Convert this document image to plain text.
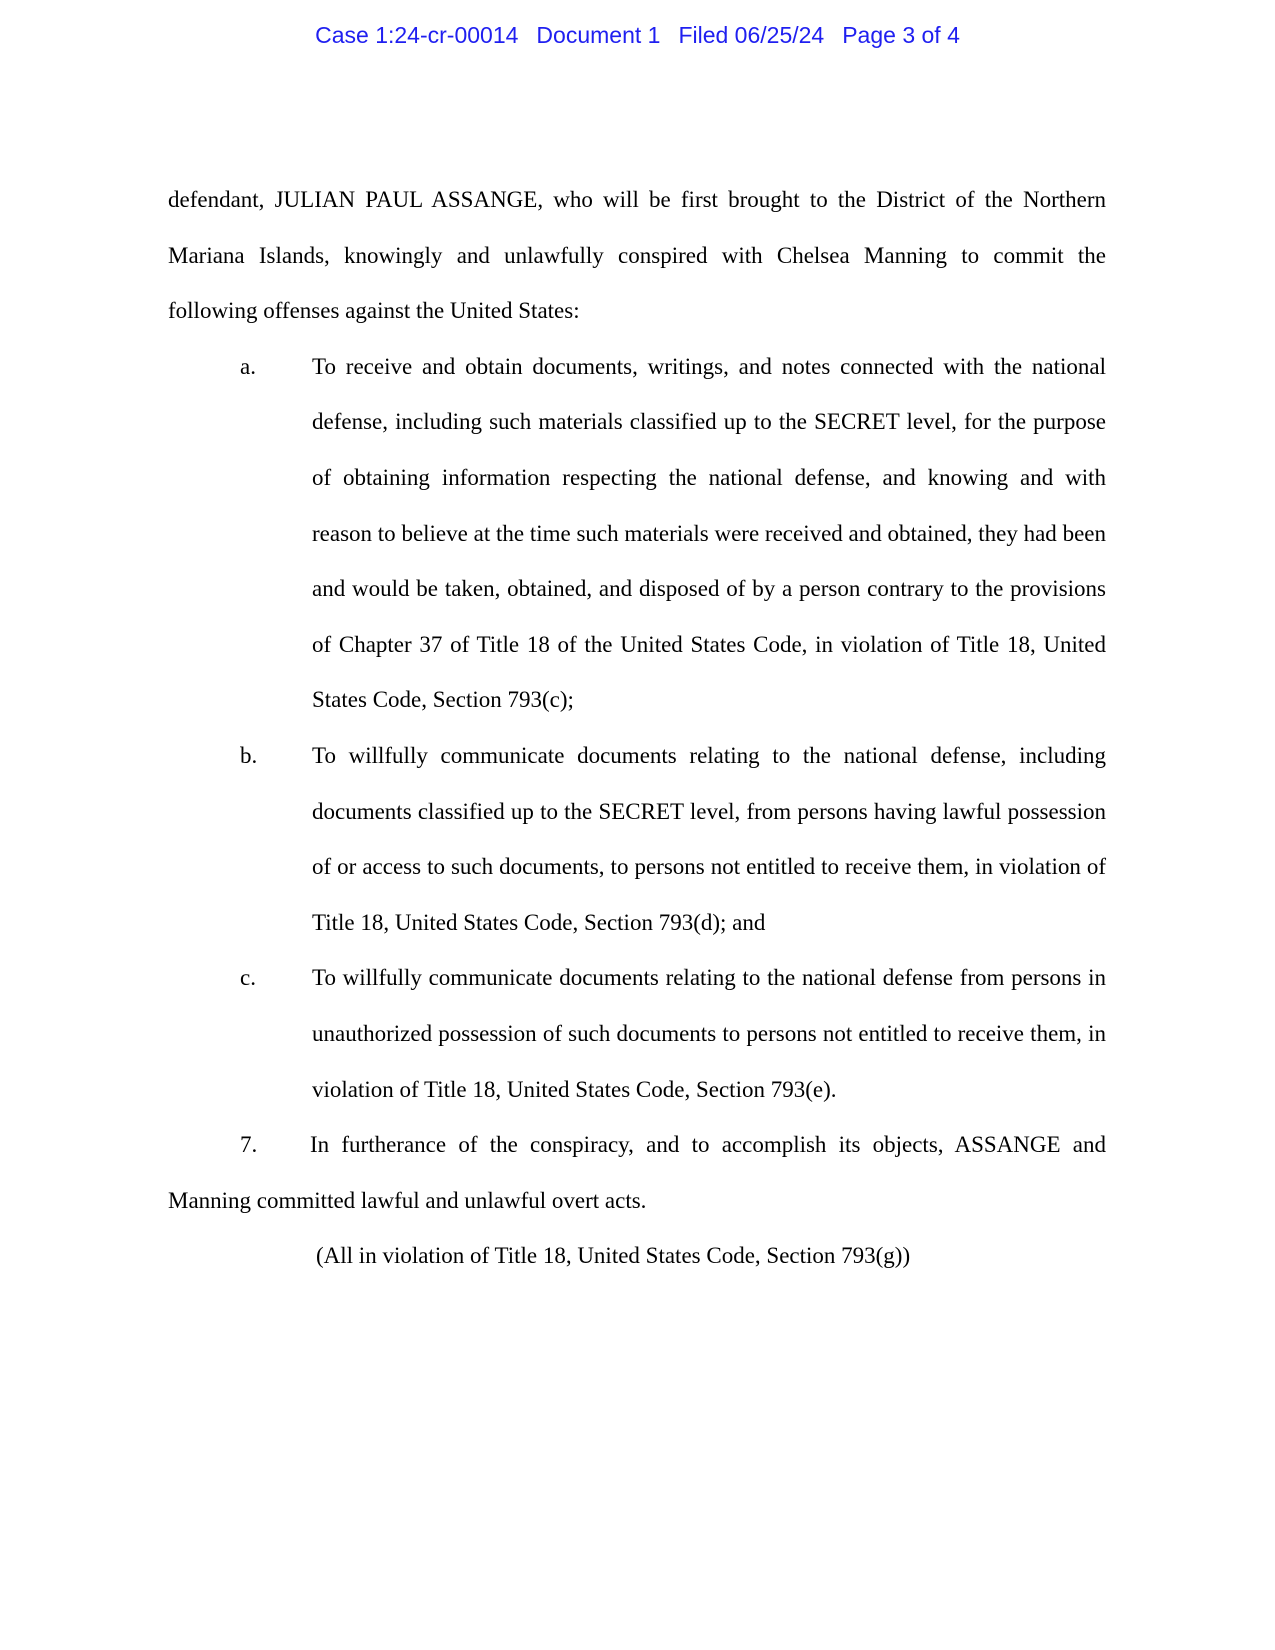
Case 1:24-cr-00014 Document 1 Filed 06/25/24 Page 3 of 4

defendant, JULIAN PAUL ASSANGE, who will be first brought to the District of the Northern Mariana Islands, knowingly and unlawfully conspired with Chelsea Manning to commit the following offenses against the United States:

a.	To receive and obtain documents, writings, and notes connected with the national defense, including such materials classified up to the SECRET level, for the purpose of obtaining information respecting the national defense, and knowing and with reason to believe at the time such materials were received and obtained, they had been and would be taken, obtained, and disposed of by a person contrary to the provisions of Chapter 37 of Title 18 of the United States Code, in violation of Title 18, United States Code, Section 793(c);
b.	To willfully communicate documents relating to the national defense, including documents classified up to the SECRET level, from persons having lawful possession of or access to such documents, to persons not entitled to receive them, in violation of Title 18, United States Code, Section 793(d); and
c.	To willfully communicate documents relating to the national defense from persons in unauthorized possession of such documents to persons not entitled to receive them, in violation of Title 18, United States Code, Section 793(e).

7. In furtherance of the conspiracy, and to accomplish its objects, ASSANGE and Manning committed lawful and unlawful overt acts.

(All in violation of Title 18, United States Code, Section 793(g))
